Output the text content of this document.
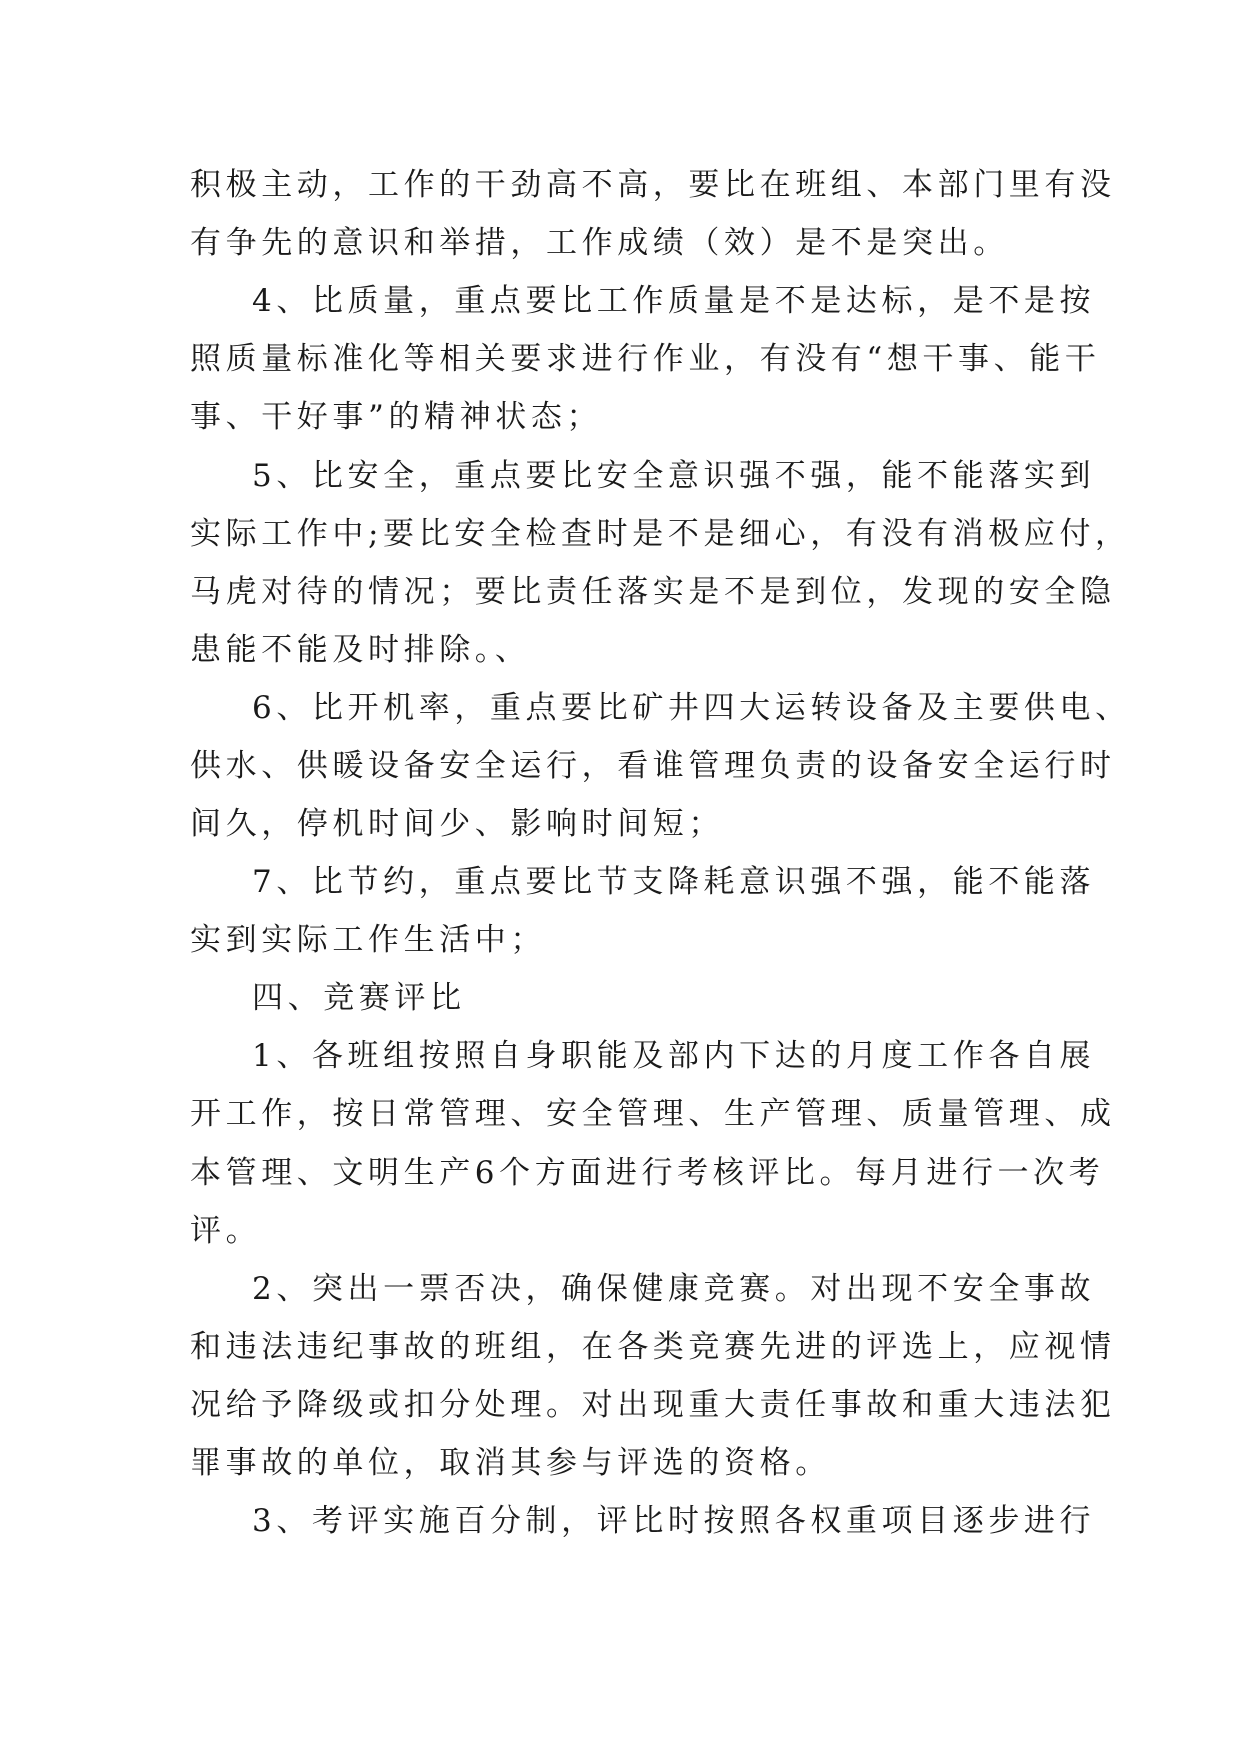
积极主动，工作的干劲高不高，要比在班组、本部门里有没
有争先的意识和举措，工作成绩（效）是不是突出。
4、比质量，重点要比工作质量是不是达标，是不是按
照质量标准化等相关要求进行作业，有没有“想干事、能干
事、干好事”的精神状态；
5、比安全，重点要比安全意识强不强，能不能落实到
实际工作中;要比安全检查时是不是细心，有没有消极应付，
马虎对待的情况；要比责任落实是不是到位，发现的安全隐
患能不能及时排除。、
6、比开机率，重点要比矿井四大运转设备及主要供电、
供水、供暖设备安全运行，看谁管理负责的设备安全运行时
间久，停机时间少、影响时间短；
7、比节约，重点要比节支降耗意识强不强，能不能落
实到实际工作生活中；
四、竞赛评比
1、各班组按照自身职能及部内下达的月度工作各自展
开工作，按日常管理、安全管理、生产管理、质量管理、成
本管理、文明生产6个方面进行考核评比。每月进行一次考
评。
2、突出一票否决，确保健康竞赛。对出现不安全事故
和违法违纪事故的班组，在各类竞赛先进的评选上，应视情
况给予降级或扣分处理。对出现重大责任事故和重大违法犯
罪事故的单位，取消其参与评选的资格。
3、考评实施百分制，评比时按照各权重项目逐步进行
